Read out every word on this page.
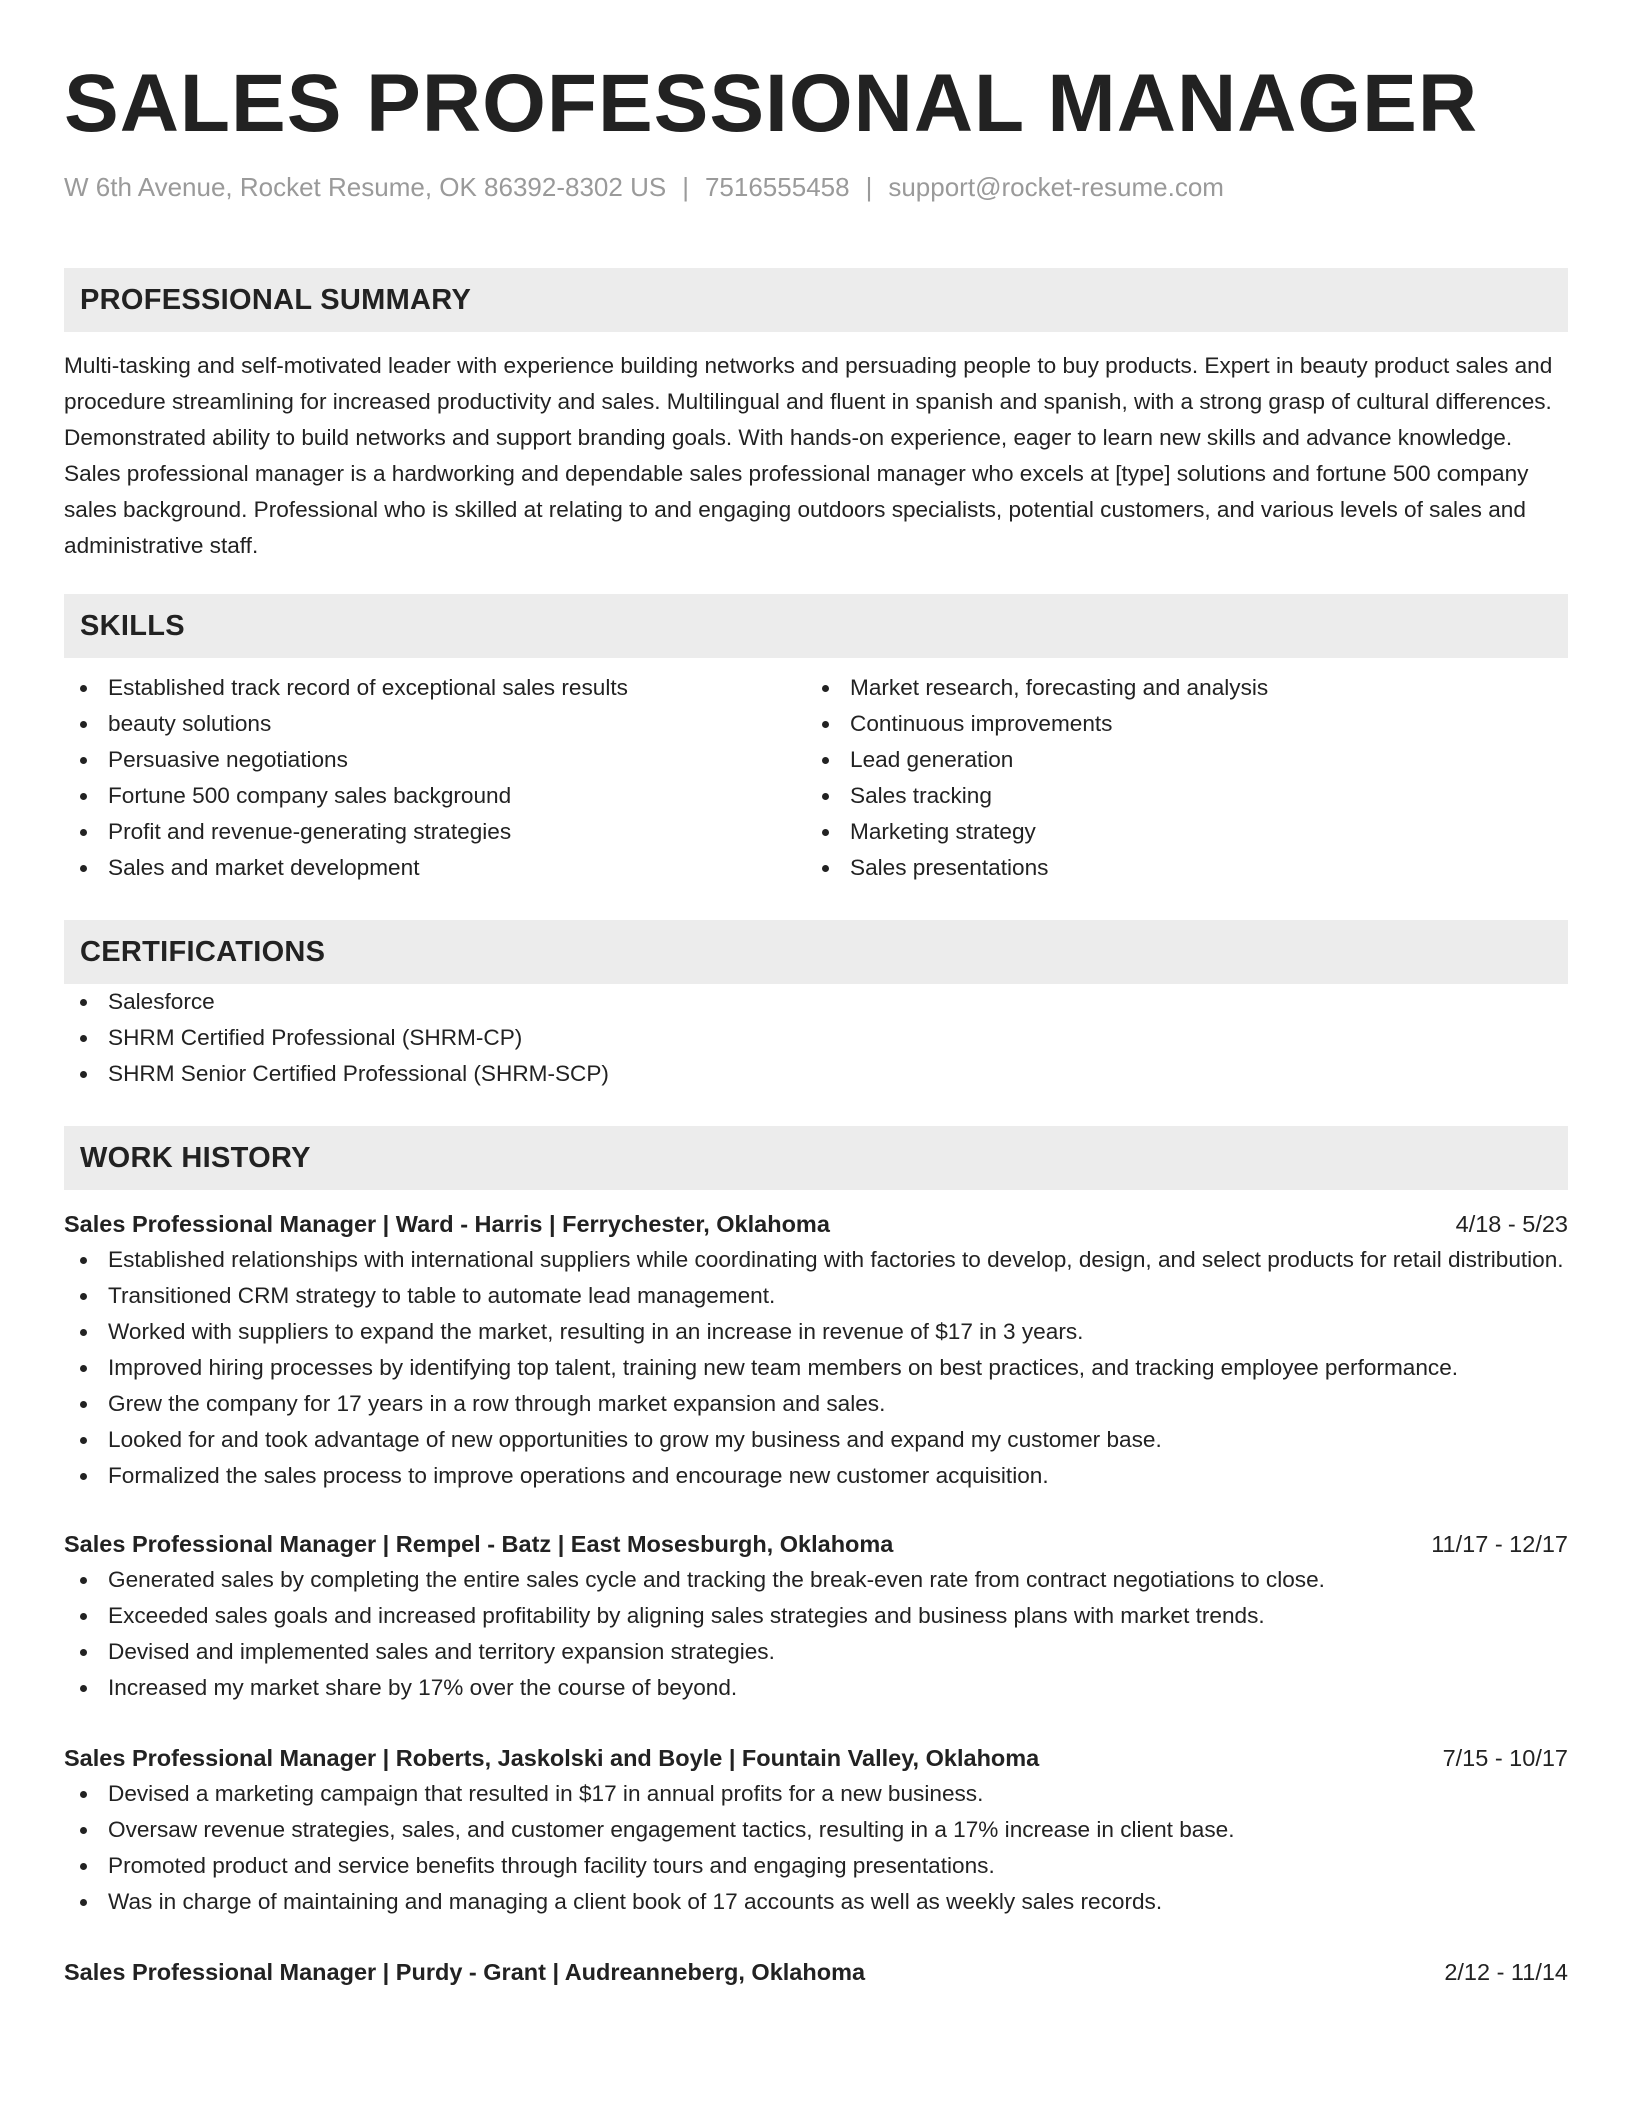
SALES PROFESSIONAL MANAGER
W 6th Avenue, Rocket Resume, OK 86392-8302 US | 7516555458 | support@rocket-resume.com
PROFESSIONAL SUMMARY

Multi-tasking and self-motivated leader with experience building networks and persuading people to buy products. Expert in beauty product sales and procedure streamlining for increased productivity and sales. Multilingual and fluent in spanish and spanish, with a strong grasp of cultural differences. Demonstrated ability to build networks and support branding goals. With hands-on experience, eager to learn new skills and advance knowledge. Sales professional manager is a hardworking and dependable sales professional manager who excels at [type] solutions and fortune 500 company sales background. Professional who is skilled at relating to and engaging outdoors specialists, potential customers, and various levels of sales and administrative staff.

SKILLS
Established track record of exceptional sales results
beauty solutions
Persuasive negotiations
Fortune 500 company sales background
Profit and revenue-generating strategies
Sales and market development
Market research, forecasting and analysis
Continuous improvements
Lead generation
Sales tracking
Marketing strategy
Sales presentations
CERTIFICATIONS
Salesforce
SHRM Certified Professional (SHRM-CP)
SHRM Senior Certified Professional (SHRM-SCP)
WORK HISTORY
Sales Professional Manager | Ward - Harris | Ferrychester, Oklahoma	4/18 - 5/23
Established relationships with international suppliers while coordinating with factories to develop, design, and select products for retail distribution.
Transitioned CRM strategy to table to automate lead management.
Worked with suppliers to expand the market, resulting in an increase in revenue of $17 in 3 years.
Improved hiring processes by identifying top talent, training new team members on best practices, and tracking employee performance.
Grew the company for 17 years in a row through market expansion and sales.
Looked for and took advantage of new opportunities to grow my business and expand my customer base.
Formalized the sales process to improve operations and encourage new customer acquisition.
Sales Professional Manager | Rempel - Batz | East Mosesburgh, Oklahoma	11/17 - 12/17
Generated sales by completing the entire sales cycle and tracking the break-even rate from contract negotiations to close.
Exceeded sales goals and increased profitability by aligning sales strategies and business plans with market trends.
Devised and implemented sales and territory expansion strategies.
Increased my market share by 17% over the course of beyond.
Sales Professional Manager | Roberts, Jaskolski and Boyle | Fountain Valley, Oklahoma	7/15 - 10/17
Devised a marketing campaign that resulted in $17 in annual profits for a new business.
Oversaw revenue strategies, sales, and customer engagement tactics, resulting in a 17% increase in client base.
Promoted product and service benefits through facility tours and engaging presentations.
Was in charge of maintaining and managing a client book of 17 accounts as well as weekly sales records.
Sales Professional Manager | Purdy - Grant | Audreanneberg, Oklahoma	2/12 - 11/14
